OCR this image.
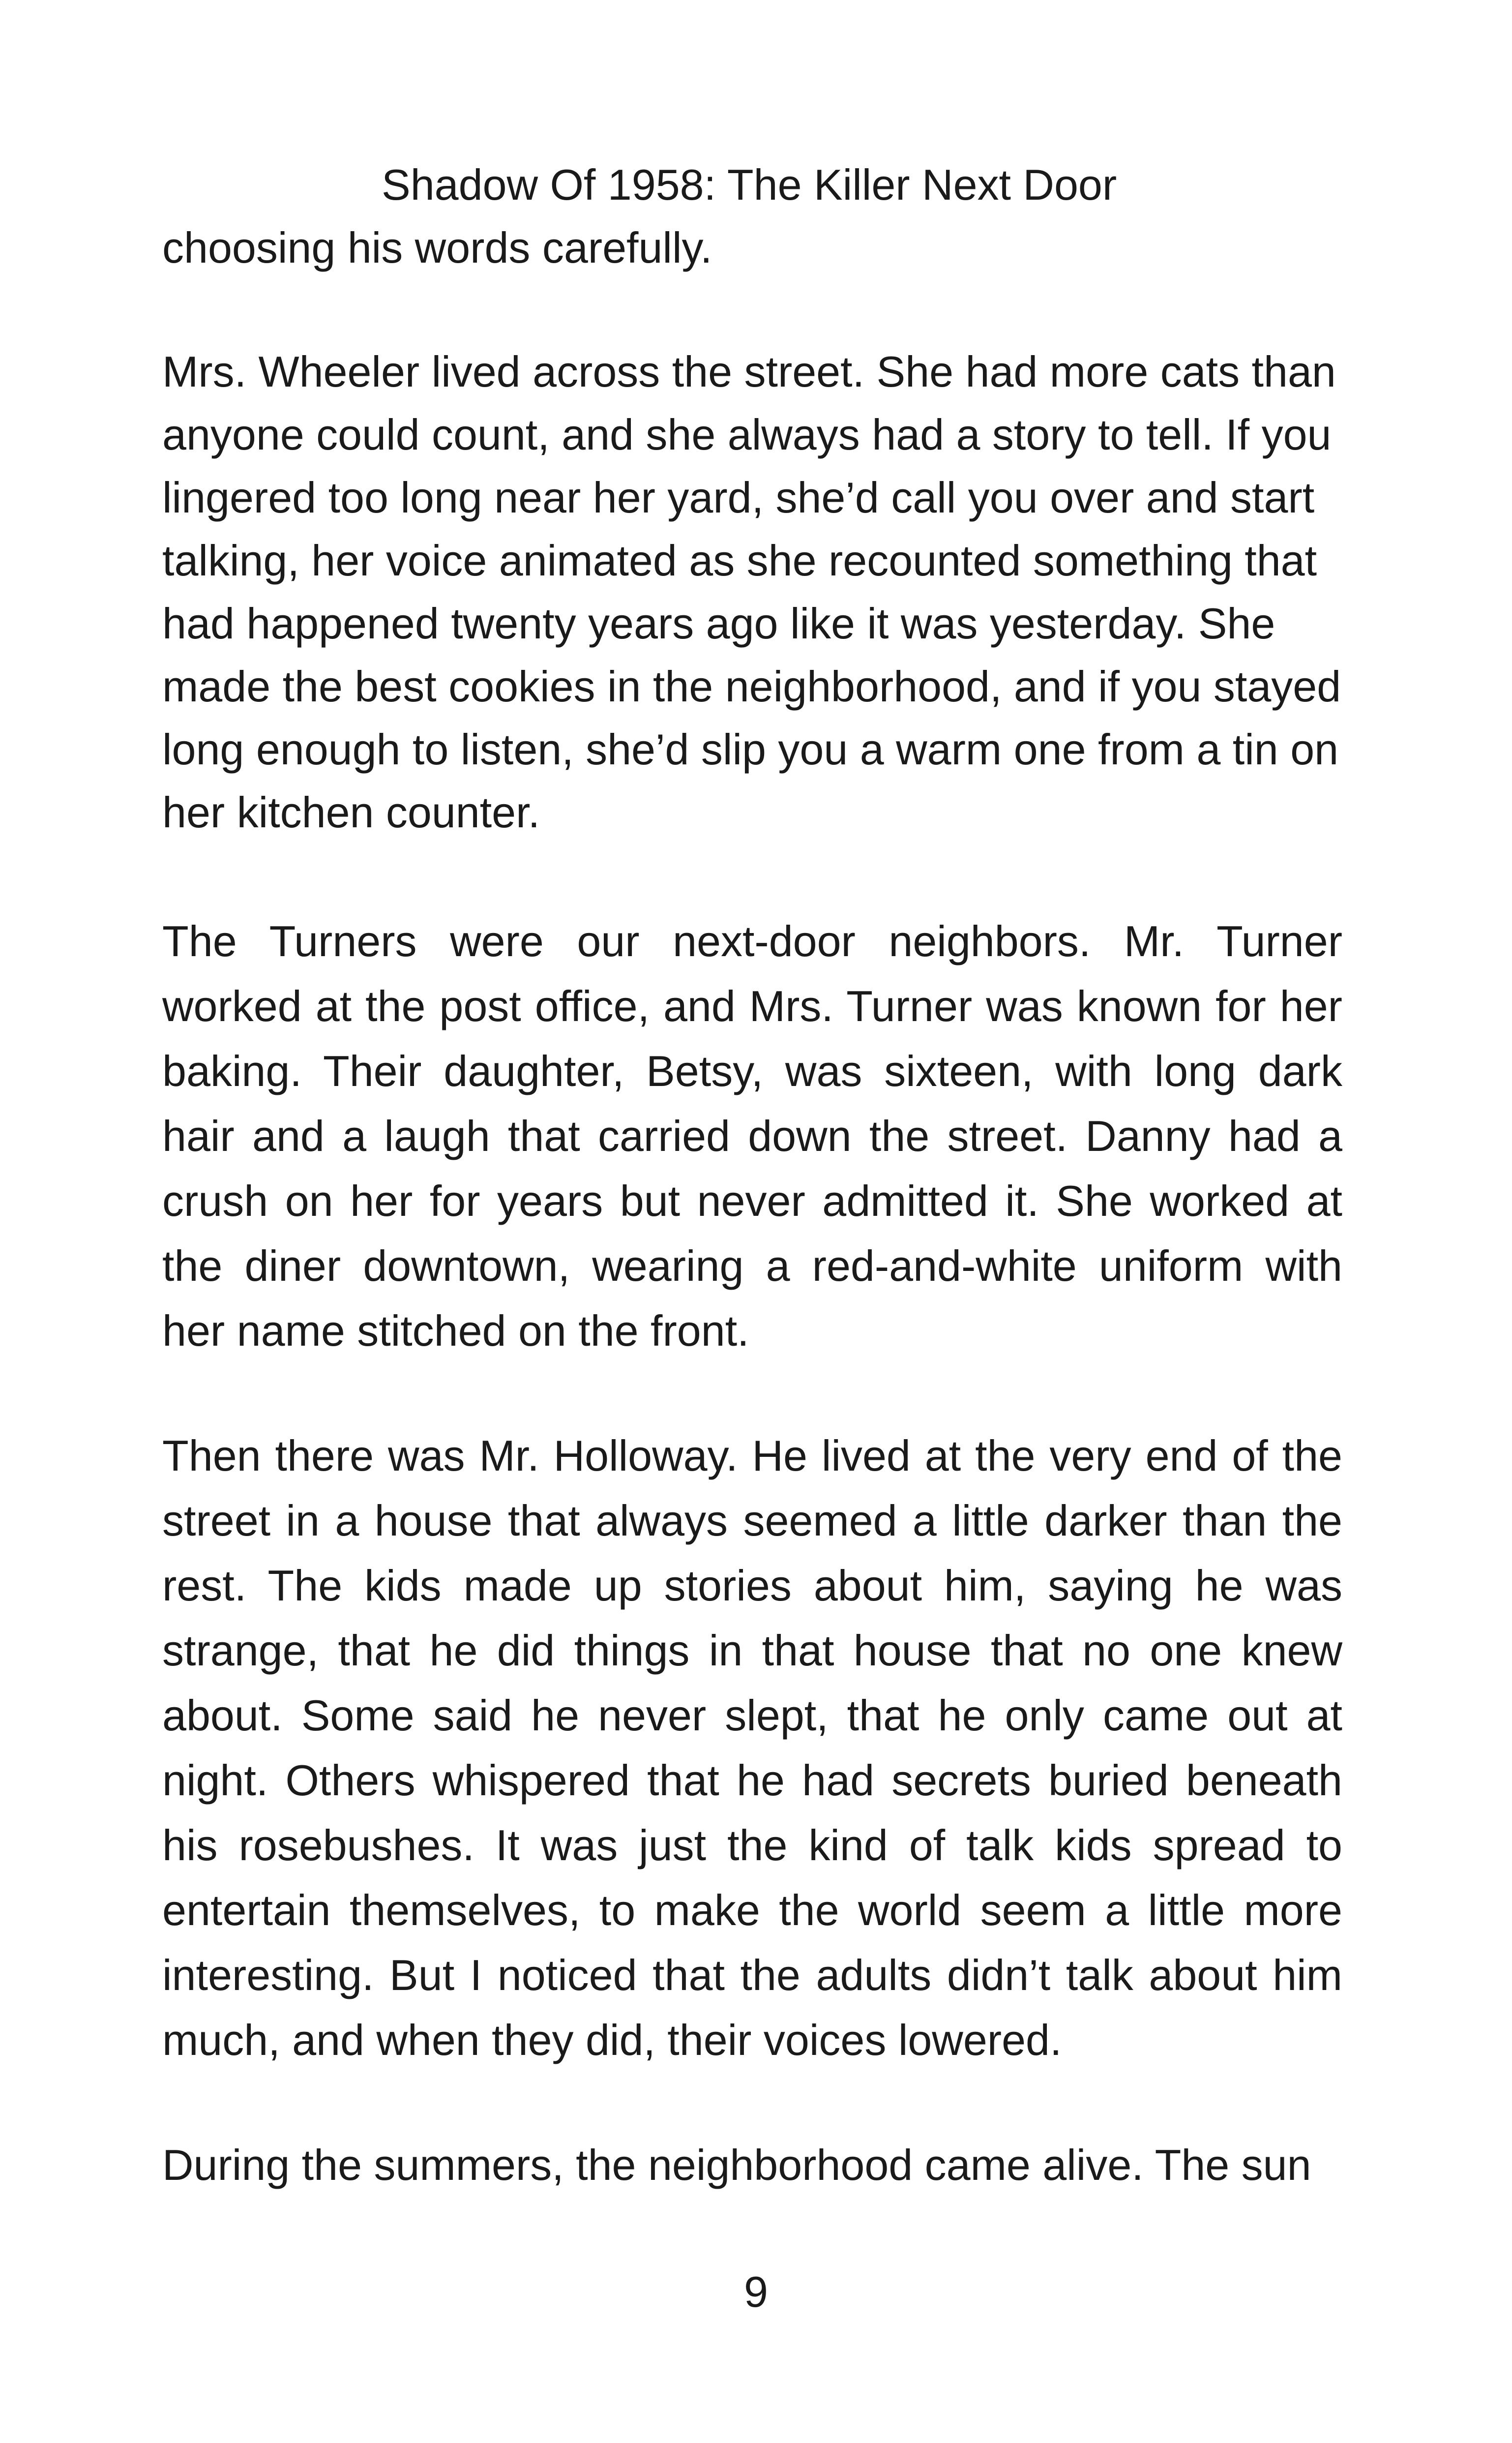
Shadow Of 1958: The Killer Next Door

choosing his words carefully.

Mrs. Wheeler lived across the street. She had more cats than anyone could count, and she always had a story to tell. If you lingered too long near her yard, she’d call you over and start talking, her voice animated as she recounted something that had happened twenty years ago like it was yesterday. She made the best cookies in the neighborhood, and if you stayed long enough to listen, she’d slip you a warm one from a tin on her kitchen counter.

The Turners were our next-door neighbors. Mr. Turner worked at the post office, and Mrs. Turner was known for her baking. Their daughter, Betsy, was sixteen, with long dark hair and a laugh that carried down the street. Danny had a crush on her for years but never admitted it. She worked at the diner downtown, wearing a red-and-white uniform with her name stitched on the front.

Then there was Mr. Holloway. He lived at the very end of the street in a house that always seemed a little darker than the rest. The kids made up stories about him, saying he was strange, that he did things in that house that no one knew about. Some said he never slept, that he only came out at night. Others whispered that he had secrets buried beneath his rosebushes. It was just the kind of talk kids spread to entertain themselves, to make the world seem a little more interesting. But I noticed that the adults didn’t talk about him much, and when they did, their voices lowered.

During the summers, the neighborhood came alive. The sun

9
